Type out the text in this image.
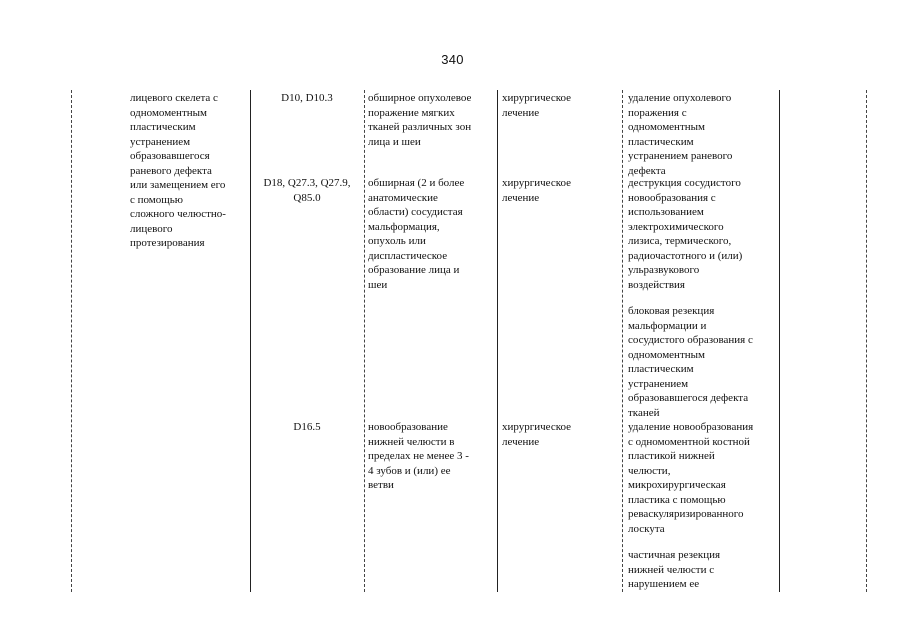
340
лицевого скелета с
одномоментным
пластическим
устранением
образовавшегося
раневого дефекта
или замещением его
с помощью
сложного челюстно-
лицевого
протезирования
D10, D10.3	обширное опухолевое
поражение мягких
тканей различных зон
лица и шеи
хирургическое
лечение
удаление опухолевого
поражения с
одномоментным
пластическим
устранением раневого
дефекта
D18, Q27.3, Q27.9,
Q85.0
обширная (2 и более
анатомические
области) сосудистая
мальформация,
опухоль или
диспластическое
образование лица и
шеи
хирургическое
лечение
деструкция сосудистого
новообразования с
использованием
электрохимического
лизиса, термического,
радиочастотного и (или)
ульразвукового
воздействия
блоковая резекция
мальформации и
сосудистого образования с
одномоментным
пластическим
устранением
образовавшегося дефекта
тканей
D16.5	новообразование
нижней челюсти в
пределах не менее 3 -
4 зубов и (или) ее
ветви
хирургическое
лечение
удаление новообразования
с одномоментной костной
пластикой нижней
челюсти,
микрохирургическая
пластика с помощью
реваскуляризированного
лоскута
частичная резекция
нижней челюсти с
нарушением ее
